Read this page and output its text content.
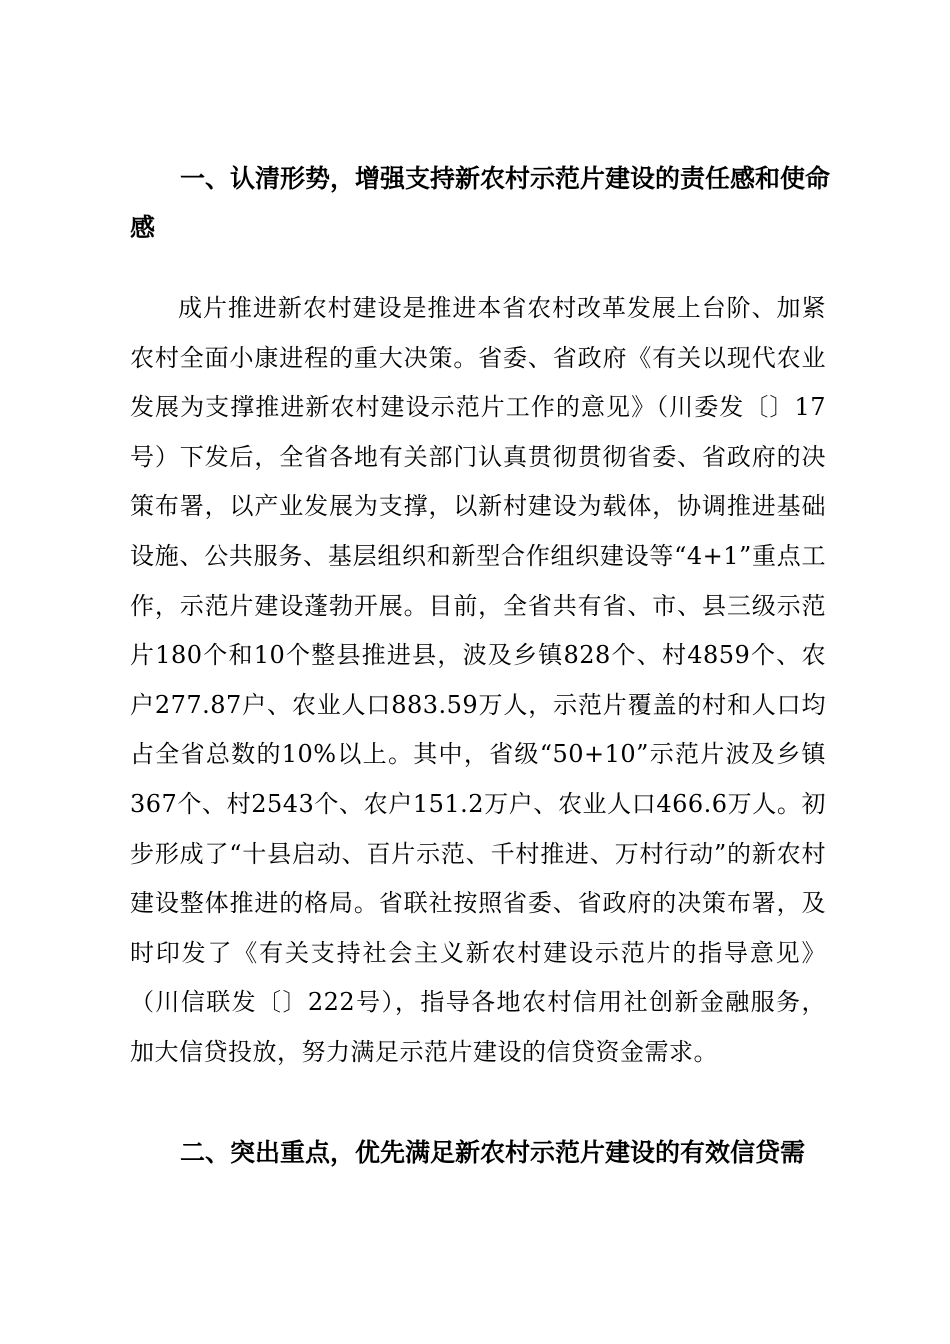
一、认清形势，增强支持新农村示范片建设的责任感和使命感
成片推进新农村建设是推进本省农村改革发展上台阶、加紧农村全面小康进程的重大决策。省委、省政府《有关以现代农业发展为支撑推进新农村建设示范片工作的意见》（川委发〔〕17号）下发后，全省各地有关部门认真贯彻贯彻省委、省政府的决策布署，以产业发展为支撑，以新村建设为载体，协调推进基础设施、公共服务、基层组织和新型合作组织建设等“4+1”重点工作，示范片建设蓬勃开展。目前，全省共有省、市、县三级示范片180个和10个整县推进县，波及乡镇828个、村4859个、农户277.87户、农业人口883.59万人，示范片覆盖的村和人口均占全省总数的10%以上。其中，省级“50+10”示范片波及乡镇367个、村2543个、农户151.2万户、农业人口466.6万人。初步形成了“十县启动、百片示范、千村推进、万村行动”的新农村建设整体推进的格局。省联社按照省委、省政府的决策布署，及时印发了《有关支持社会主义新农村建设示范片的指导意见》（川信联发〔〕222号），指导各地农村信用社创新金融服务，加大信贷投放，努力满足示范片建设的信贷资金需求。
二、突出重点，优先满足新农村示范片建设的有效信贷需
